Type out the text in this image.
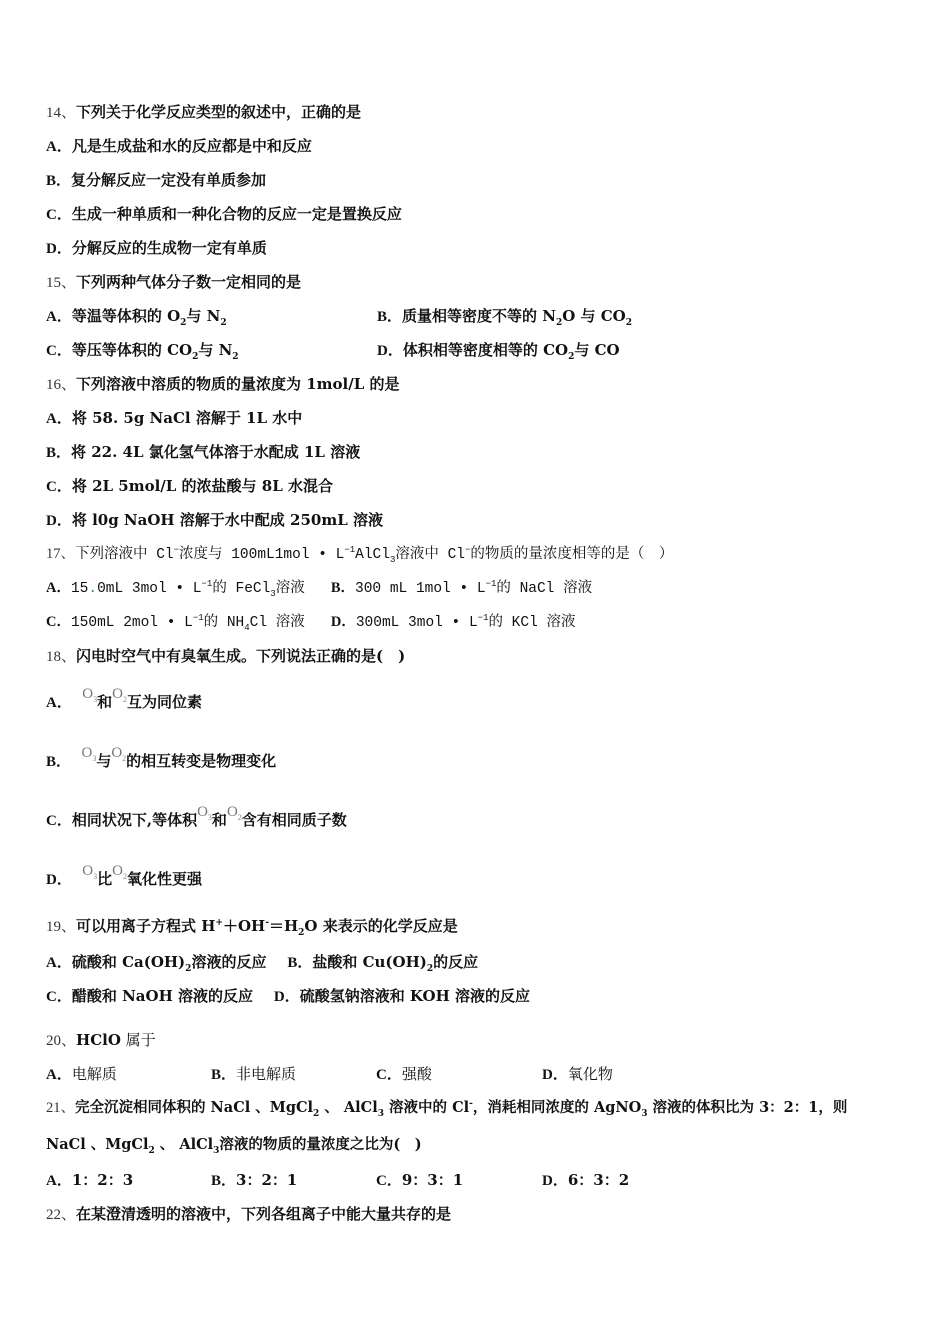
14、下列关于化学反应类型的叙述中，正确的是
A．凡是生成盐和水的反应都是中和反应
B．复分解反应一定没有单质参加
C．生成一种单质和一种化合物的反应一定是置换反应
D．分解反应的生成物一定有单质
15、下列两种气体分子数一定相同的是
A．等温等体积的 $O_2$与 $N_2$	B．质量相等密度不等的 $N_2O$ 与 $CO_2$
C．等压等体积的 $CO_2$与 $N_2$	D．体积相等密度相等的 $CO_2$与 CO
16、下列溶液中溶质的物质的量浓度为 1mol/L 的是
A．将 58. 5g NaCl 溶解于 1L 水中
B．将 22. 4L 氯化氢气体溶于水配成 1L 溶液
C．将 2L 5mol/L 的浓盐酸与 8L 水混合
D．将 l0g NaOH 溶解于水中配成 250mL 溶液
17、下列溶液中 Cl−浓度与 100mL1mol • $L^{-1}AlCl_3$溶液中 Cl−的物质的量浓度相等的是（　）
A．15.0mL 3mol • $L^{-1}$的 FeCl$_3$溶液 B．300 mL 1mol • $L^{-1}$的 NaCl 溶液
C．150mL 2mol • $L^{-1}$的 $NH_4Cl$ 溶液 D．300mL 3mol • $L^{-1}$的 KCl 溶液
18、闪电时空气中有臭氧生成。下列说法正确的是(　)
A．  $O_3$和$O_2$互为同位素
B．  $O_3$与$O_2$的相互转变是物理变化
C．相同状况下,等体积$O_3$和$O_2$含有相同质子数
D．  $O_3$比$O_2$氧化性更强
19、可以用离子方程式 $H^++OH^-=H_2O$ 来表示的化学反应是
A．硫酸和 $Ca(OH)_2$溶液的反应 B．盐酸和 $Cu(OH)_2$的反应
C．醋酸和 NaOH 溶液的反应 D．硫酸氢钠溶液和 KOH 溶液的反应
20、HClO 属于
A．电解质	B．非电解质	C．强酸	D．氧化物
21、完全沉淀相同体积的 NaCl 、MgCl$_2$ 、 AlCl$_3$ 溶液中的 Cl-，消耗相同浓度的 AgNO$_3$ 溶液的体积比为 3：2：1，则
NaCl 、MgCl$_2$ 、 AlCl$_3$溶液的物质的量浓度之比为(　)
A．1：2：3	B．3：2：1	C．9：3：1	D．6：3：2
22、在某澄清透明的溶液中，下列各组离子中能大量共存的是
